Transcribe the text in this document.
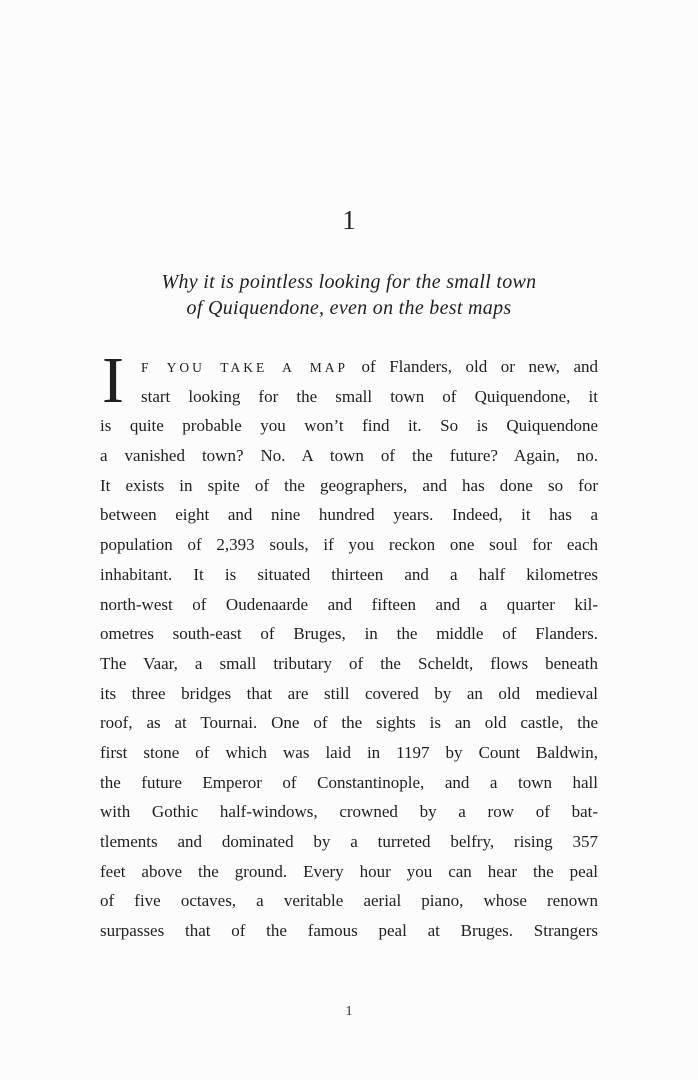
1
Why it is pointless looking for the small town
of Quiquendone, even on the best maps
I	F YOU TAKE A MAP of Flanders, old or new, and
start looking for the small town of Quiquendone, it
is quite probable you won’t find it. So is Quiquendone
a vanished town? No. A town of the future? Again, no.
It exists in spite of the geographers, and has done so for
between eight and nine hundred years. Indeed, it has a
population of 2,393 souls, if you reckon one soul for each
inhabitant. It is situated thirteen and a half kilometres
north-west of Oudenaarde and fifteen and a quarter kil-
ometres south-east of Bruges, in the middle of Flanders.
The Vaar, a small tributary of the Scheldt, flows beneath
its three bridges that are still covered by an old medieval
roof, as at Tournai. One of the sights is an old castle, the
first stone of which was laid in 1197 by Count Baldwin,
the future Emperor of Constantinople, and a town hall
with Gothic half-windows, crowned by a row of bat-
tlements and dominated by a turreted belfry, rising 357
feet above the ground. Every hour you can hear the peal
of five octaves, a veritable aerial piano, whose renown
surpasses that of the famous peal at Bruges. Strangers
1
